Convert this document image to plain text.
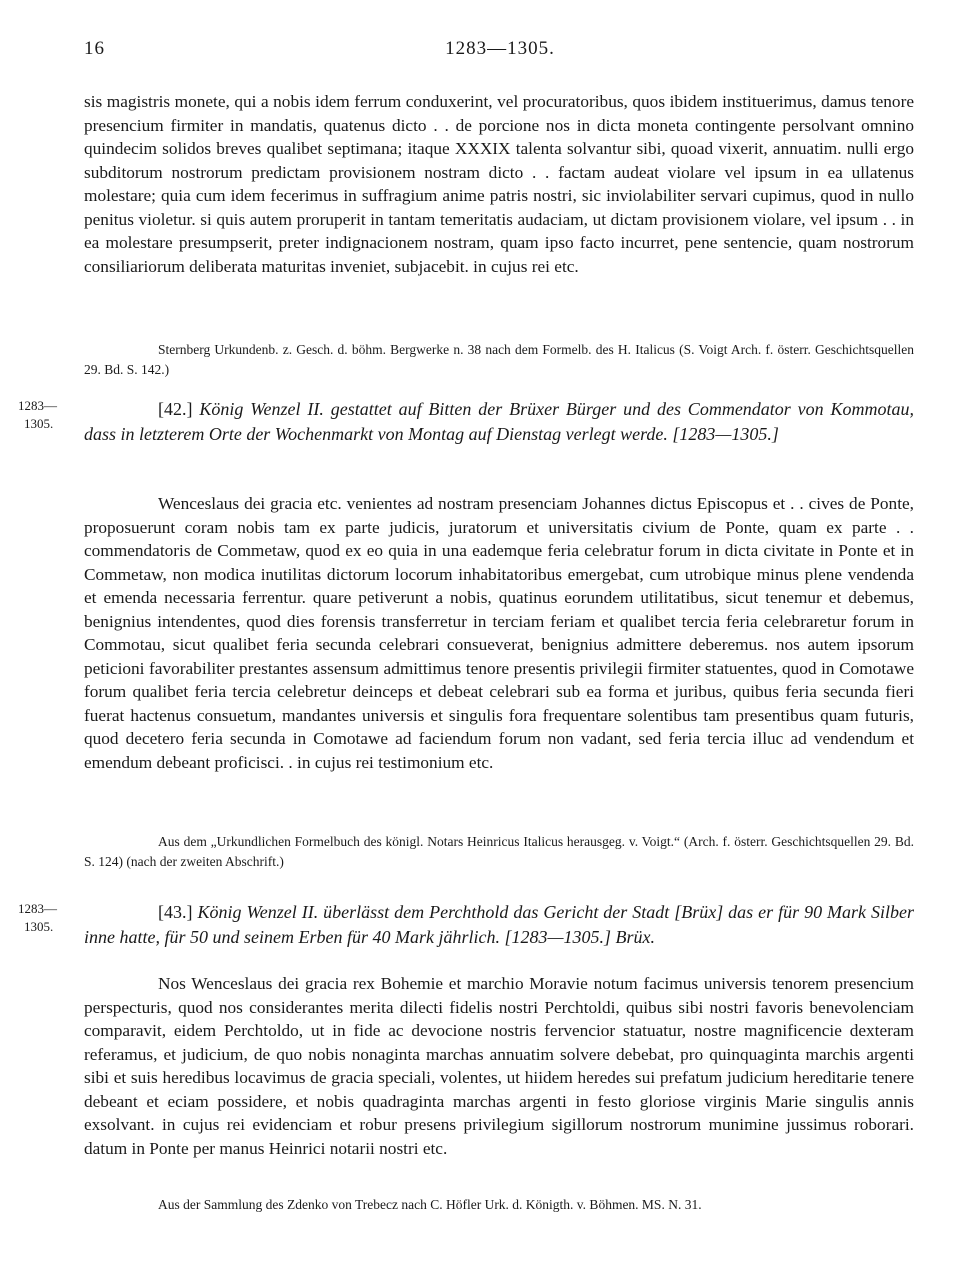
16	1283—1305.
sis magistris monete, qui a nobis idem ferrum conduxerint, vel procuratoribus, quos ibidem instituerimus, damus tenore presencium firmiter in mandatis, quatenus dicto . . de porcione nos in dicta moneta contingente persolvant omnino quindecim solidos breves qualibet septimana; itaque XXXIX talenta solvantur sibi, quoad vixerit, annuatim. nulli ergo subditorum nostrorum predictam provisionem nostram dicto . . factam audeat violare vel ipsum in ea ullatenus molestare; quia cum idem fecerimus in suffragium anime patris nostri, sic inviolabiliter servari cupimus, quod in nullo penitus violetur. si quis autem proruperit in tantam temeritatis audaciam, ut dictam provisionem violare, vel ipsum . . in ea molestare presumpserit, preter indignacionem nostram, quam ipso facto incurret, pene sentencie, quam nostrorum consiliariorum deliberata maturitas inveniet, subjacebit. in cujus rei etc.
Sternberg Urkundenb. z. Gesch. d. böhm. Bergwerke n. 38 nach dem Formelb. des H. Italicus (S. Voigt Arch. f. österr. Geschichtsquellen 29. Bd. S. 142.)
1283—
1305.
[42.] König Wenzel II. gestattet auf Bitten der Brüxer Bürger und des Commendator von Kommotau, dass in letzterem Orte der Wochenmarkt von Montag auf Dienstag verlegt werde. [1283—1305.]
Wenceslaus dei gracia etc. venientes ad nostram presenciam Johannes dictus Episcopus et . . cives de Ponte, proposuerunt coram nobis tam ex parte judicis, juratorum et universitatis civium de Ponte, quam ex parte . . commendatoris de Commetaw, quod ex eo quia in una eademque feria celebratur forum in dicta civitate in Ponte et in Commetaw, non modica inutilitas dictorum locorum inhabitatoribus emergebat, cum utrobique minus plene vendenda et emenda necessaria ferrentur. quare petiverunt a nobis, quatinus eorundem utilitatibus, sicut tenemur et debemus, benignius intendentes, quod dies forensis transferretur in terciam feriam et qualibet tercia feria celebraretur forum in Commotau, sicut qualibet feria secunda celebrari consueverat, benignius admittere deberemus. nos autem ipsorum peticioni favorabiliter prestantes assensum admittimus tenore presentis privilegii firmiter statuentes, quod in Comotawe forum qualibet feria tercia celebretur deinceps et debeat celebrari sub ea forma et juribus, quibus feria secunda fieri fuerat hactenus consuetum, mandantes universis et singulis fora frequentare solentibus tam presentibus quam futuris, quod decetero feria secunda in Comotawe ad faciendum forum non vadant, sed feria tercia illuc ad vendendum et emendum debeant proficisci. . in cujus rei testimonium etc.
Aus dem „Urkundlichen Formelbuch des königl. Notars Heinricus Italicus herausgeg. v. Voigt.“ (Arch. f. österr. Geschichtsquellen 29. Bd. S. 124) (nach der zweiten Abschrift.)
1283—
1305.
[43.] König Wenzel II. überlässt dem Perchthold das Gericht der Stadt [Brüx] das er für 90 Mark Silber inne hatte, für 50 und seinem Erben für 40 Mark jährlich. [1283—1305.] Brüx.
Nos Wenceslaus dei gracia rex Bohemie et marchio Moravie notum facimus universis tenorem presencium perspecturis, quod nos considerantes merita dilecti fidelis nostri Perchtoldi, quibus sibi nostri favoris benevolenciam comparavit, eidem Perchtoldo, ut in fide ac devocione nostris fervencior statuatur, nostre magnificencie dexteram referamus, et judicium, de quo nobis nonaginta marchas annuatim solvere debebat, pro quinquaginta marchis argenti sibi et suis heredibus locavimus de gracia speciali, volentes, ut hiidem heredes sui prefatum judicium hereditarie tenere debeant et eciam possidere, et nobis quadraginta marchas argenti in festo gloriose virginis Marie singulis annis exsolvant. in cujus rei evidenciam et robur presens privilegium sigillorum nostrorum muniminе jussimus roborari. datum in Ponte per manus Heinrici notarii nostri etc.
Aus der Sammlung des Zdenko von Trebecz nach C. Höfler Urk. d. Königth. v. Böhmen. MS. N. 31.
